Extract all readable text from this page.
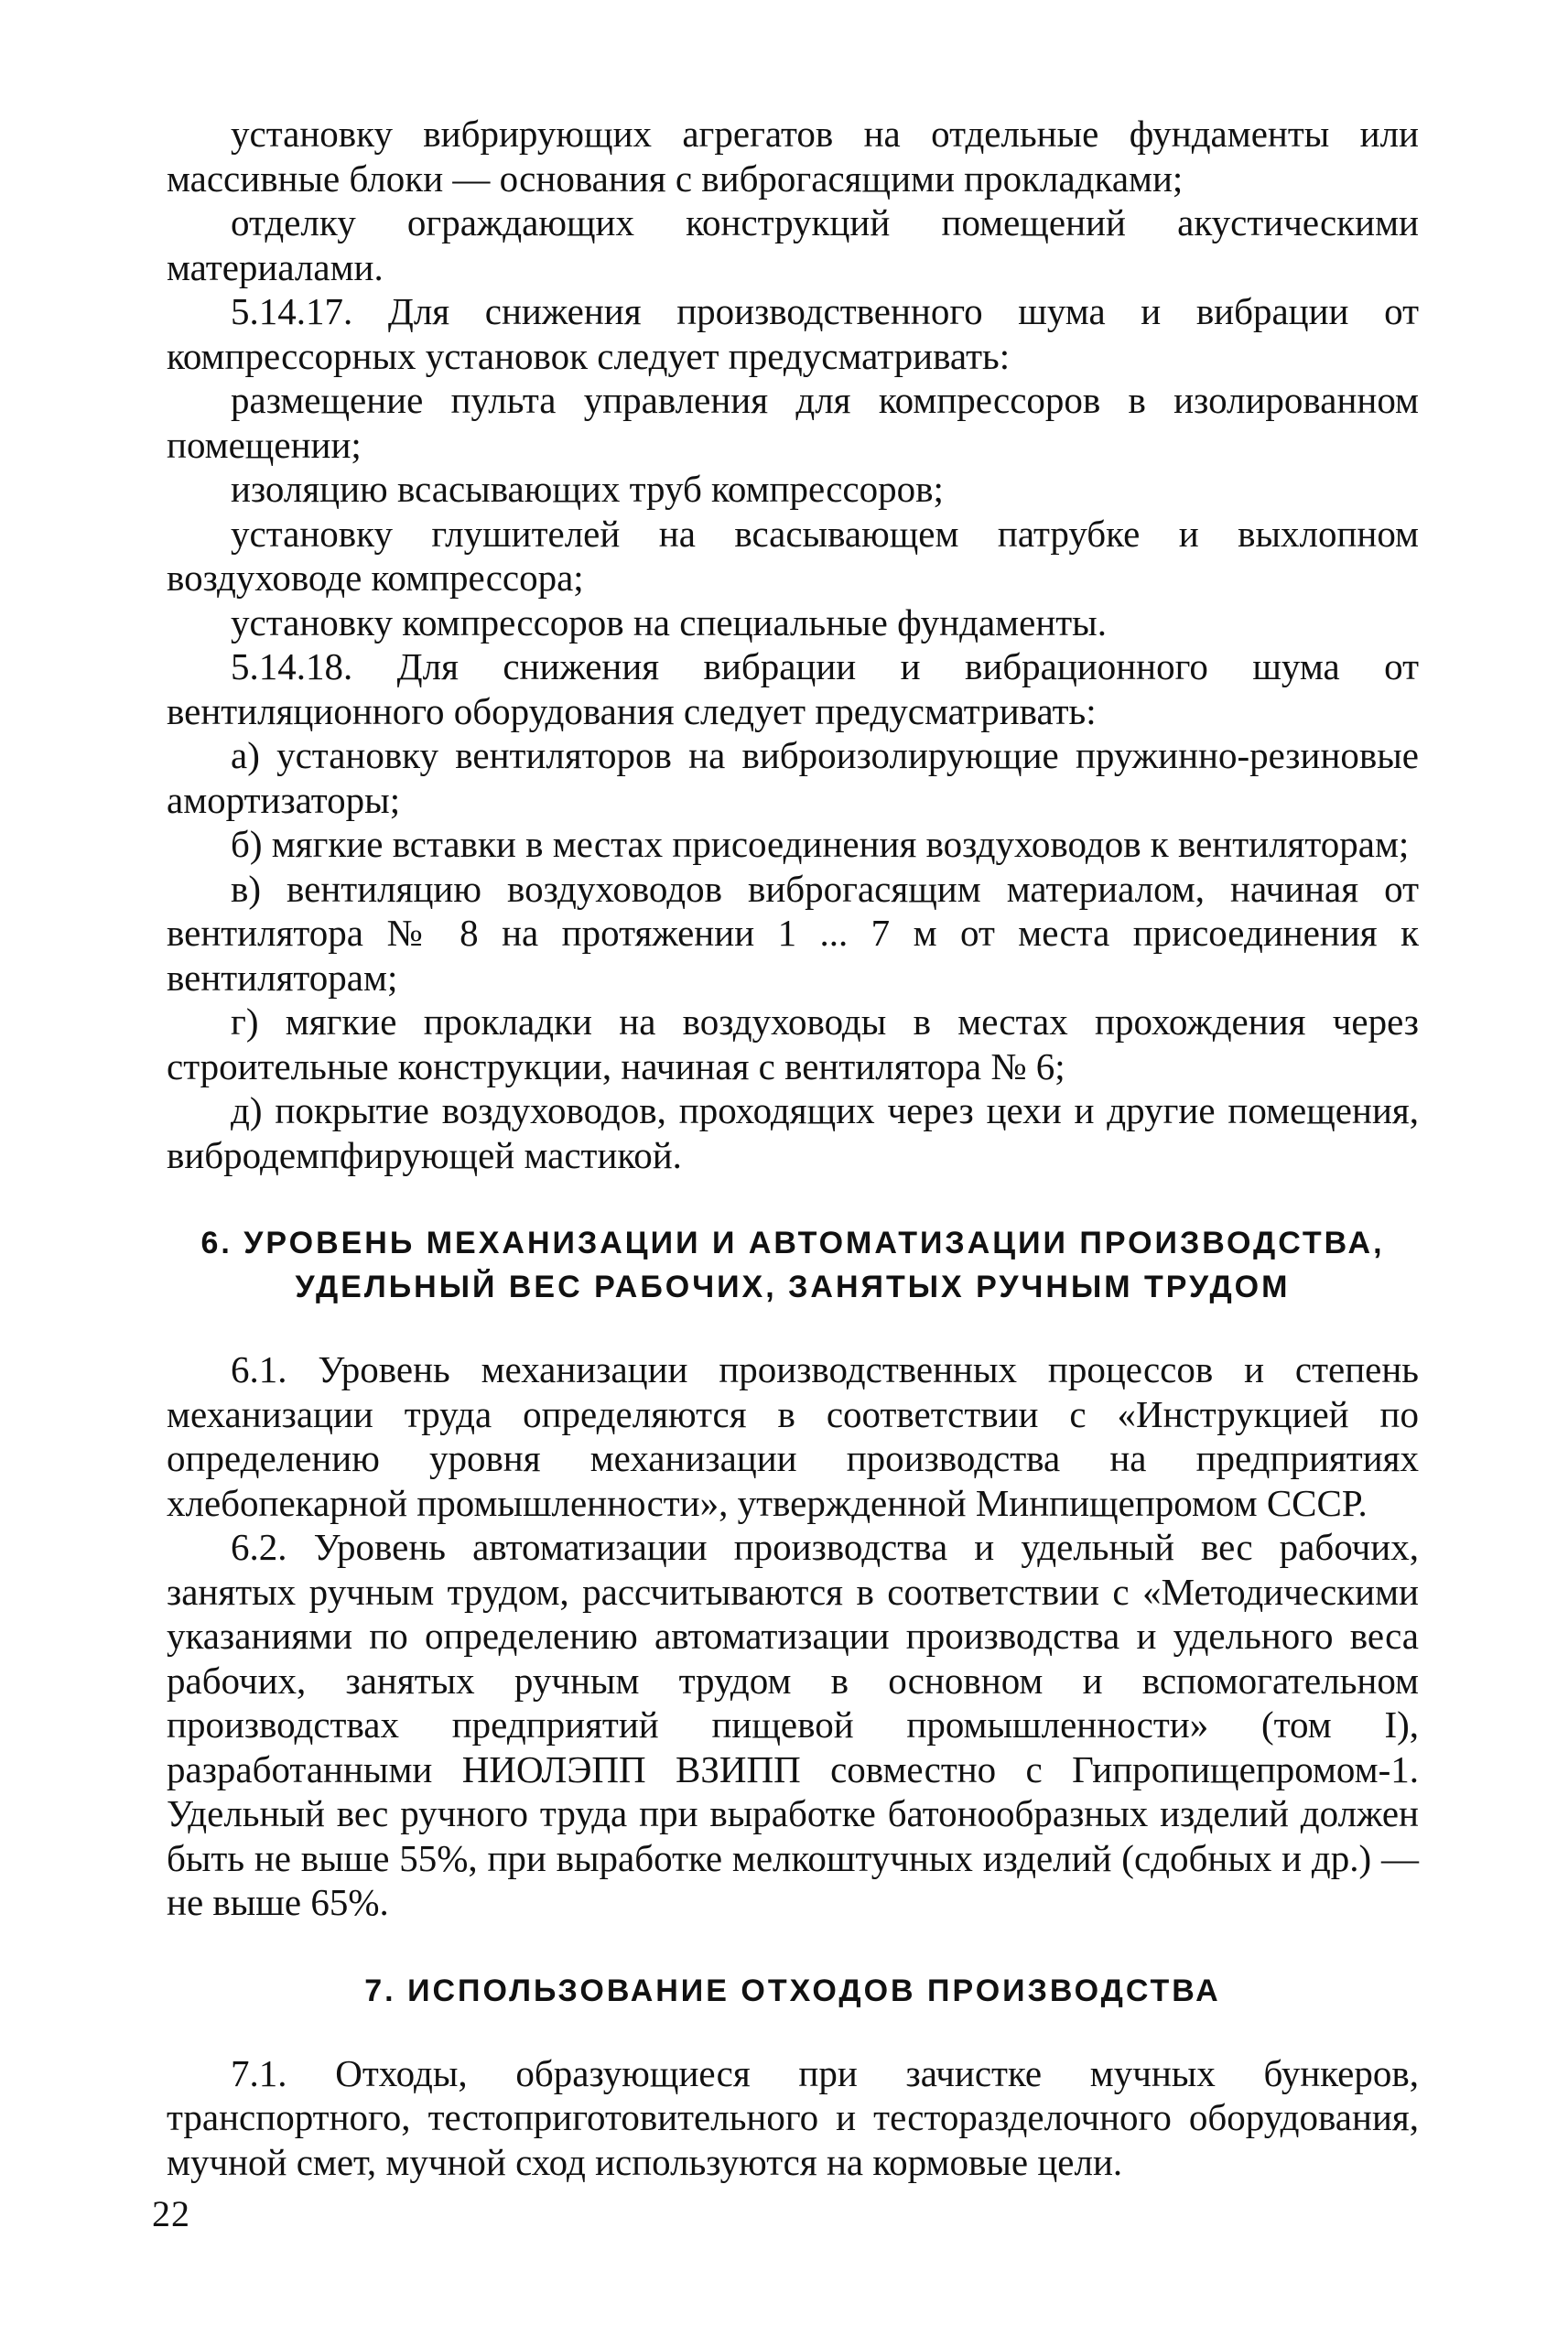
установку вибрирующих агрегатов на отдельные фундаменты или массивные блоки — основания с виброгасящими прокладками;

отделку ограждающих конструкций помещений акустическими материалами.

5.14.17. Для снижения производственного шума и вибрации от компрессорных установок следует предусматривать:

размещение пульта управления для компрессоров в изолированном помещении;

изоляцию всасывающих труб компрессоров;

установку глушителей на всасывающем патрубке и выхлопном воздуховоде компрессора;

установку компрессоров на специальные фундаменты.

5.14.18. Для снижения вибрации и вибрационного шума от вентиляционного оборудования следует предусматривать:

а) установку вентиляторов на виброизолирующие пружинно-резиновые амортизаторы;

б) мягкие вставки в местах присоединения воздуховодов к вентиляторам;

в) вентиляцию воздуховодов виброгасящим материалом, начиная от вентилятора № 8 на протяжении 1 ... 7 м от места присоединения к вентиляторам;

г) мягкие прокладки на воздуховоды в местах прохождения через строительные конструкции, начиная с вентилятора № 6;

д) покрытие воздуховодов, проходящих через цехи и другие помещения, вибродемпфирующей мастикой.

6. УРОВЕНЬ МЕХАНИЗАЦИИ И АВТОМАТИЗАЦИИ ПРОИЗВОДСТВА,
УДЕЛЬНЫЙ ВЕС РАБОЧИХ, ЗАНЯТЫХ РУЧНЫМ ТРУДОМ

6.1. Уровень механизации производственных процессов и степень механизации труда определяются в соответствии с «Инструкцией по определению уровня механизации производства на предприятиях хлебопекарной промышленности», утвержденной Минпищепромом СССР.

6.2. Уровень автоматизации производства и удельный вес рабочих, занятых ручным трудом, рассчитываются в соответствии с «Методическими указаниями по определению автоматизации производства и удельного веса рабочих, занятых ручным трудом в основном и вспомогательном производствах предприятий пищевой промышленности» (том I), разработанными НИОЛЭПП ВЗИПП совместно с Гипропищепромом-1. Удельный вес ручного труда при выработке батонообразных изделий должен быть не выше 55%, при выработке мелкоштучных изделий (сдобных и др.) — не выше 65%.

7. ИСПОЛЬЗОВАНИЕ ОТХОДОВ ПРОИЗВОДСТВА

7.1. Отходы, образующиеся при зачистке мучных бункеров, транспортного, тестоприготовительного и тесторазделочного оборудования, мучной смет, мучной сход используются на кормовые цели.

22
